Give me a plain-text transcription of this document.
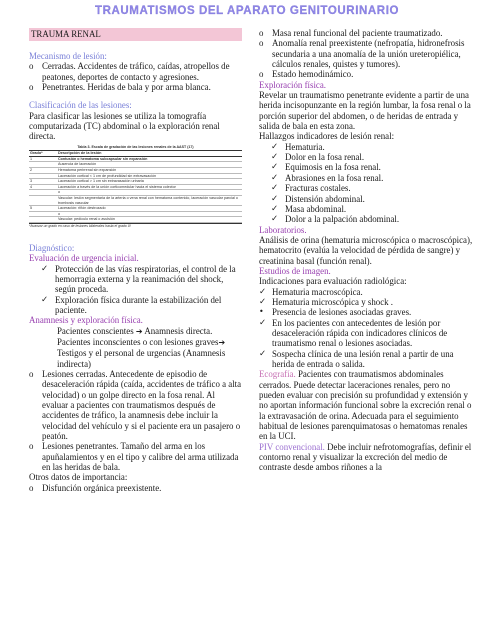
TRAUMATISMOS DEL APARATO GENITOURINARIO
TRAUMA RENAL

Mecanismo de lesión:

o Cerradas. Accidentes de tráfico, caídas, atropellos de peatones, deportes de contacto y agresiones.
o Penetrantes. Heridas de bala y por arma blanca.

Clasificación de las lesiones:

Para clasificar las lesiones se utiliza la tomografía computarizada (TC) abdominal o la exploración renal directa.

Tabla 3. Escala de gradación de las lesiones renales de la AAST (17)
Grado*	Descripción de la lesión
1	Contusión o hematoma subcapsular sin expansión
Ausencia de laceración
2	Hematoma perirrenal sin expansión
Laceración cortical < 1 cm de profundidad sin extravasación
3	Laceración cortical > 1 cm sin extravasación urinaria
4	Laceración a través de la unión corticomedular hacia el sistema colector
o
Vascular: lesión segmentaria de la arteria o vena renal con hematoma contenido, laceración vascular parcial o trombosis vascular
5	Laceración: riñón destrozado
o
Vascular: pedículo renal o avulsión
*Avanzar un grado en caso de lesiones bilaterales hasta el grado III

Diagnóstico:

Evaluación de urgencia inicial.

✓ Protección de las vías respiratorias, el control de la hemorragia externa y la reanimación del shock, según proceda.
✓ Exploración física durante la estabilización del paciente.

Anamnesis y exploración física.

Pacientes conscientes ➔ Anamnesis directa.

Pacientes inconscientes o con lesiones graves➔ Testigos y el personal de urgencias (Anamnesis indirecta)

o Lesiones cerradas. Antecedente de episodio de desaceleración rápida (caída, accidentes de tráfico a alta velocidad) o un golpe directo en la fosa renal. Al evaluar a pacientes con traumatismos después de accidentes de tráfico, la anamnesis debe incluir la velocidad del vehículo y si el paciente era un pasajero o peatón.
o Lesiones penetrantes. Tamaño del arma en los apuñalamientos y en el tipo y calibre del arma utilizada en las heridas de bala.

Otros datos de importancia:

o Disfunción orgánica preexistente.
o Masa renal funcional del paciente traumatizado.
o Anomalía renal preexistente (nefropatía, hidronefrosis secundaria a una anomalía de la unión ureteropiélica, cálculos renales, quistes y tumores).
o Estado hemodinámico.

Exploración física.

Revelar un traumatismo penetrante evidente a partir de una herida incisopunzante en la región lumbar, la fosa renal o la porción superior del abdomen, o de heridas de entrada y salida de bala en esta zona.

Hallazgos indicadores de lesión renal:

✓ Hematuria.
✓ Dolor en la fosa renal.
✓ Equimosis en la fosa renal.
✓ Abrasiones en la fosa renal.
✓ Fracturas costales.
✓ Distensión abdominal.
✓ Masa abdominal.
✓ Dolor a la palpación abdominal.

Laboratorios.

Análisis de orina (hematuria microscópica o macroscópica), hematocrito (evalúa la velocidad de pérdida de sangre) y creatinina basal (función renal).

Estudios de imagen.

Indicaciones para evaluación radiológica:

✓ Hematuria macroscópica.
✓ Hematuria microscópica y shock .
• Presencia de lesiones asociadas graves.
✓ En los pacientes con antecedentes de lesión por desaceleración rápida con indicadores clínicos de traumatismo renal o lesiones asociadas.
✓ Sospecha clínica de una lesión renal a partir de una herida de entrada o salida.

Ecografía. Pacientes con traumatismos abdominales cerrados. Puede detectar laceraciones renales, pero no pueden evaluar con precisión su profundidad y extensión y no aportan información funcional sobre la excreción renal o la extravasación de orina. Adecuada para el seguimiento habitual de lesiones parenquimatosas o hematomas renales en la UCI.

PIV convencional. Debe incluir nefrotomografías, definir el contorno renal y visualizar la excreción del medio de contraste desde ambos riñones a la
